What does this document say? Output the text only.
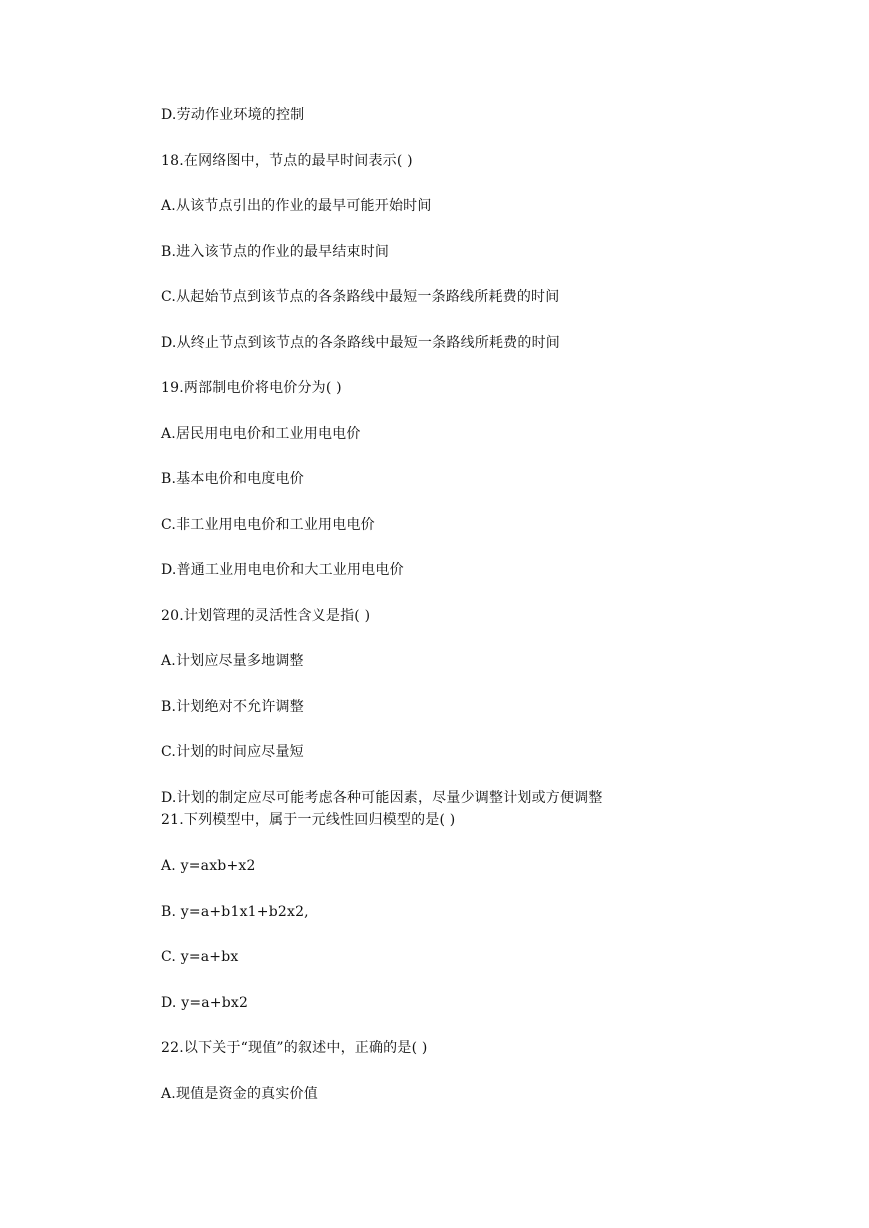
D.劳动作业环境的控制
18.在网络图中，节点的最早时间表示( )
A.从该节点引出的作业的最早可能开始时间
B.进入该节点的作业的最早结束时间
C.从起始节点到该节点的各条路线中最短一条路线所耗费的时间
D.从终止节点到该节点的各条路线中最短一条路线所耗费的时间
19.两部制电价将电价分为( )
A.居民用电电价和工业用电电价
B.基本电价和电度电价
C.非工业用电电价和工业用电电价
D.普通工业用电电价和大工业用电电价
20.计划管理的灵活性含义是指( )
A.计划应尽量多地调整
B.计划绝对不允许调整
C.计划的时间应尽量短
D.计划的制定应尽可能考虑各种可能因素，尽量少调整计划或方便调整
21.下列模型中，属于一元线性回归模型的是( )
A. y=axb+x2
B. y=a+b1x1+b2x2,
C. y=a+bx
D. y=a+bx2
22.以下关于“现值”的叙述中，正确的是( )
A.现值是资金的真实价值
